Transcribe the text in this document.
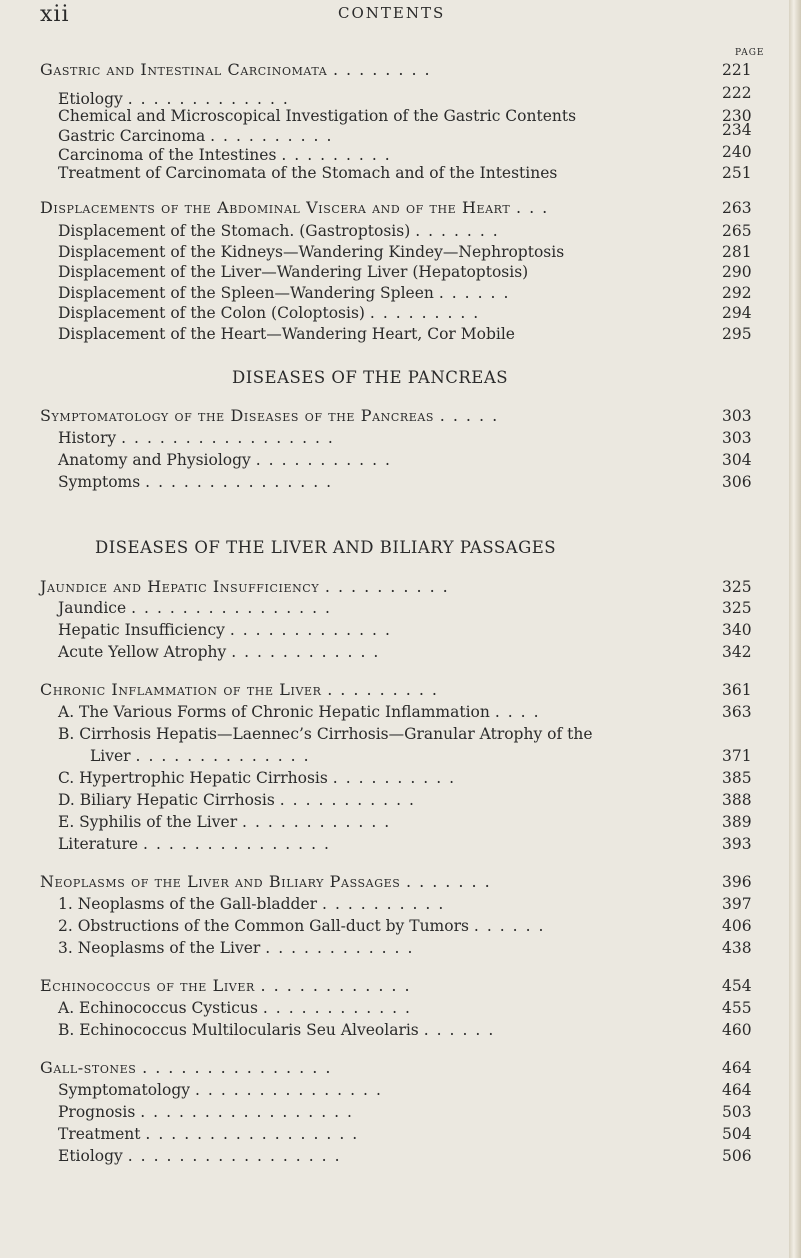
xii	CONTENTS
PAGE
Gastric and Intestinal Carcinomata ........	221
Etiology .............	222
Chemical and Microscopical Investigation of the Gastric Contents	230
Gastric Carcinoma ..........	234
Carcinoma of the Intestines .........	240
Treatment of Carcinomata of the Stomach and of the Intestines	251
Displacements of the Abdominal Viscera and of the Heart ...	263
Displacement of the Stomach. (Gastroptosis) .......	265
Displacement of the Kidneys—Wandering Kindey—Nephroptosis	281
Displacement of the Liver—Wandering Liver (Hepatoptosis)	290
Displacement of the Spleen—Wandering Spleen ......	292
Displacement of the Colon (Coloptosis) .........	294
Displacement of the Heart—Wandering Heart, Cor Mobile	295
DISEASES OF THE PANCREAS
Symptomatology of the Diseases of the Pancreas .....	303
History .................	303
Anatomy and Physiology ...........	304
Symptoms ...............	306
DISEASES OF THE LIVER AND BILIARY PASSAGES
Jaundice and Hepatic Insufficiency ..........	325
Jaundice ................	325
Hepatic Insufficiency .............	340
Acute Yellow Atrophy ............	342
Chronic Inflammation of the Liver .........	361
A. The Various Forms of Chronic Hepatic Inflammation ....	363
B. Cirrhosis Hepatis—Laennec’s Cirrhosis—Granular Atrophy of the
Liver ..............	371
C. Hypertrophic Hepatic Cirrhosis ..........	385
D. Biliary Hepatic Cirrhosis ...........	388
E. Syphilis of the Liver ............	389
Literature ...............	393
Neoplasms of the Liver and Biliary Passages .......	396
1. Neoplasms of the Gall-bladder ..........	397
2. Obstructions of the Common Gall-duct by Tumors ......	406
3. Neoplasms of the Liver ............	438
Echinococcus of the Liver ............	454
A. Echinococcus Cysticus ............	455
B. Echinococcus Multilocularis Seu Alveolaris ......	460
Gall-stones ...............	464
Symptomatology ...............	464
Prognosis .................	503
Treatment .................	504
Etiology .................	506
